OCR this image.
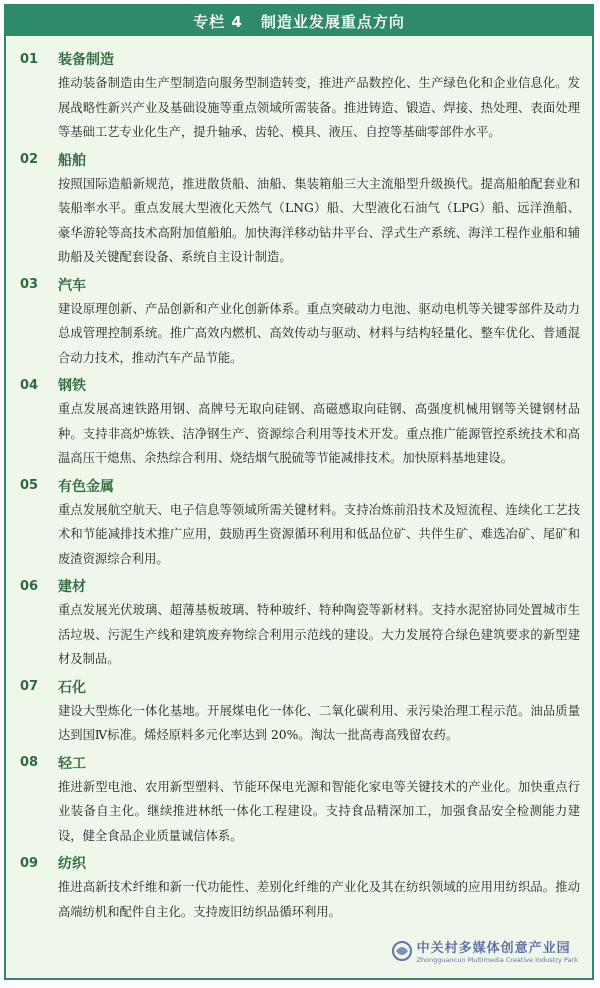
专栏 4 制造业发展重点方向
01	装备制造

推动装备制造由生产型制造向服务型制造转变，推进产品数控化、生产绿色化和企业信息化。发展战略性新兴产业及基础设施等重点领域所需装备。推进铸造、锻造、焊接、热处理、表面处理等基础工艺专业化生产，提升轴承、齿轮、模具、液压、自控等基础零部件水平。

02	船舶

按照国际造船新规范，推进散货船、油船、集装箱船三大主流船型升级换代。提高船舶配套业和装船率水平。重点发展大型液化天然气（LNG）船、大型液化石油气（LPG）船、远洋渔船、豪华游轮等高技术高附加值船舶。加快海洋移动钻井平台、浮式生产系统、海洋工程作业船和辅助船及关键配套设备、系统自主设计制造。

03	汽车

建设原理创新、产品创新和产业化创新体系。重点突破动力电池、驱动电机等关键零部件及动力总成管理控制系统。推广高效内燃机、高效传动与驱动、材料与结构轻量化、整车优化、普通混合动力技术，推动汽车产品节能。

04	钢铁

重点发展高速铁路用钢、高牌号无取向硅钢、高磁感取向硅钢、高强度机械用钢等关键钢材品种。支持非高炉炼铁、洁净钢生产、资源综合利用等技术开发。重点推广能源管控系统技术和高温高压干熄焦、余热综合利用、烧结烟气脱硫等节能减排技术。加快原料基地建设。

05	有色金属

重点发展航空航天、电子信息等领域所需关键材料。支持冶炼前沿技术及短流程、连续化工艺技术和节能减排技术推广应用，鼓励再生资源循环利用和低品位矿、共伴生矿、难选冶矿、尾矿和废渣资源综合利用。

06	建材

重点发展光伏玻璃、超薄基板玻璃、特种玻纤、特种陶瓷等新材料。支持水泥窑协同处置城市生活垃圾、污泥生产线和建筑废弃物综合利用示范线的建设。大力发展符合绿色建筑要求的新型建材及制品。

07	石化

建设大型炼化一体化基地。开展煤电化一体化、二氧化碳利用、汞污染治理工程示范。油品质量达到国Ⅳ标准。烯烃原料多元化率达到 20%。淘汰一批高毒高残留农药。

08	轻工

推进新型电池、农用新型塑料、节能环保电光源和智能化家电等关键技术的产业化。加快重点行业装备自主化。继续推进林纸一体化工程建设。支持食品精深加工，加强食品安全检测能力建设，健全食品企业质量诚信体系。

09	纺织

推进高新技术纤维和新一代功能性、差别化纤维的产业化及其在纺织领域的应用用纺织品。推动高端纺机和配件自主化。支持废旧纺织品循环利用。

中关村多媒体创意产业园
Zhongguancun Multimedia Creative Industry Park
